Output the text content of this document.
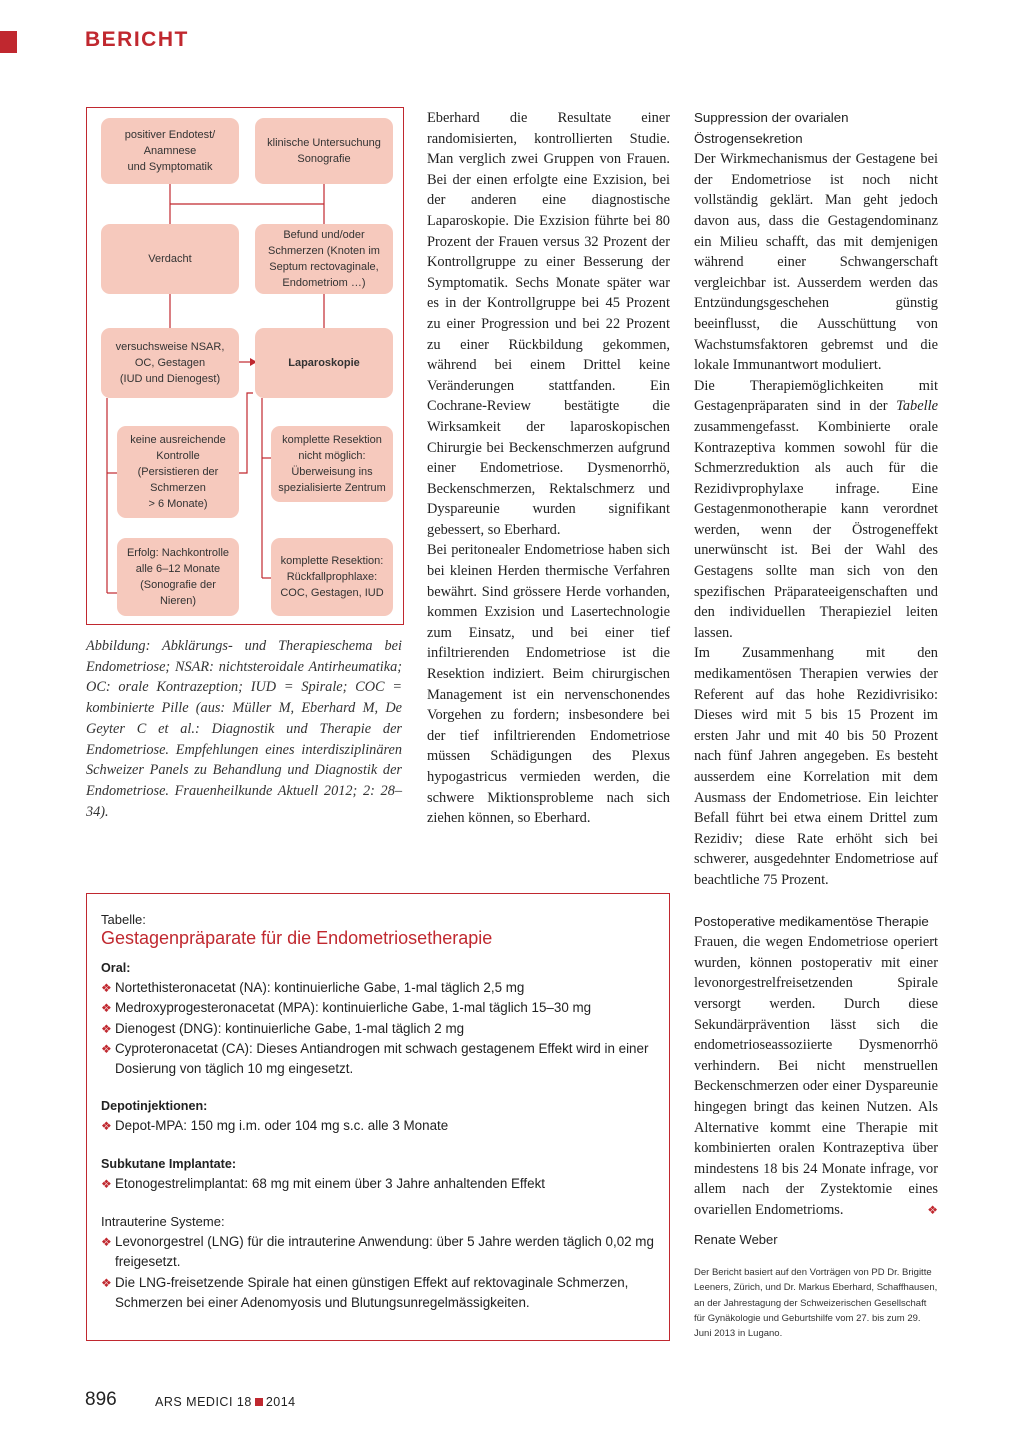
BERICHT
positiver Endotest/
Anamnese
und Symptomatik
klinische Untersuchung
Sonografie
Verdacht
Befund und/oder
Schmerzen (Knoten im
Septum rectovaginale,
Endometriom …)
versuchsweise NSAR,
OC, Gestagen
(IUD und Dienogest)
Laparoskopie
keine ausreichende
Kontrolle
(Persistieren der
Schmerzen
> 6 Monate)
komplette Resektion
nicht möglich:
Überweisung ins
spezialisierte Zentrum
Erfolg: Nachkontrolle
alle 6–12 Monate
(Sonografie der
Nieren)
komplette Resektion:
Rückfallprophlaxe:
COC, Gestagen, IUD
Abbildung: Abklärungs- und Therapieschema bei Endometriose; NSAR: nichtsteroidale Antirheumatika; OC: orale Kontrazeption; IUD = Spirale; COC = kombinierte Pille (aus: Müller M, Eberhard M, De Geyter C et al.: Diagnostik und Therapie der Endometriose. Empfehlungen eines interdisziplinären Schweizer Panels zu Behandlung und Diagnostik der Endometriose. Frauenheilkunde Aktuell 2012; 2: 28–34).

Eberhard die Resultate einer randomisierten, kontrollierten Studie. Man verglich zwei Gruppen von Frauen. Bei der einen erfolgte eine Exzision, bei der anderen eine diagnostische Laparoskopie. Die Exzision führte bei 80 Prozent der Frauen versus 32 Prozent der Kontrollgruppe zu einer Besserung der Symptomatik. Sechs Monate später war es in der Kontrollgruppe bei 45 Prozent zu einer Progression und bei 22 Prozent zu einer Rückbildung gekommen, während bei einem Drittel keine Veränderungen stattfanden. Ein Cochrane-Review bestätigte die Wirksamkeit der laparoskopischen Chirurgie bei Beckenschmerzen aufgrund einer Endometriose. Dysmenorrhö, Beckenschmerzen, Rektalschmerz und Dyspareunie wurden signifikant gebessert, so Eberhard.

Bei peritonealer Endometriose haben sich bei kleinen Herden thermische Verfahren bewährt. Sind grössere Herde vorhanden, kommen Exzision und Lasertechnologie zum Einsatz, und bei einer tief infiltrierenden Endometriose ist die Resektion indiziert. Beim chirurgischen Management ist ein nervenschonendes Vorgehen zu fordern; insbesondere bei der tief infiltrierenden Endometriose müssen Schädigungen des Plexus hypogastricus vermieden werden, die schwere Miktionsprobleme nach sich ziehen können, so Eberhard.

Suppression der ovarialen Östrogensekretion

Der Wirkmechanismus der Gestagene bei der Endometriose ist noch nicht vollständig geklärt. Man geht jedoch davon aus, dass die Gestagendominanz ein Milieu schafft, das mit demjenigen während einer Schwangerschaft vergleichbar ist. Ausserdem werden das Entzündungsgeschehen günstig beeinflusst, die Ausschüttung von Wachstumsfaktoren gebremst und die lokale Immunantwort moduliert.

Die Therapiemöglichkeiten mit Gestagenpräparaten sind in der Tabelle zusammengefasst. Kombinierte orale Kontrazeptiva kommen sowohl für die Schmerzreduktion als auch für die Rezidivprophylaxe infrage. Eine Gestagenmonotherapie kann verordnet werden, wenn der Östrogeneffekt unerwünscht ist. Bei der Wahl des Gestagens sollte man sich von den spezifischen Präparateeigenschaften und den individuellen Therapieziel leiten lassen.

Im Zusammenhang mit den medikamentösen Therapien verwies der Referent auf das hohe Rezidivrisiko: Dieses wird mit 5 bis 15 Prozent im ersten Jahr und mit 40 bis 50 Prozent nach fünf Jahren angegeben. Es besteht ausserdem eine Korrelation mit dem Ausmass der Endometriose. Ein leichter Befall führt bei etwa einem Drittel zum Rezidiv; diese Rate erhöht sich bei schwerer, ausgedehnter Endometriose auf beachtliche 75 Prozent.

Postoperative medikamentöse Therapie

Frauen, die wegen Endometriose operiert wurden, können postoperativ mit einer levonorgestrelfreisetzenden Spirale versorgt werden. Durch diese Sekundärprävention lässt sich die endometrioseassoziierte Dysmenorrhö verhindern. Bei nicht menstruellen Beckenschmerzen oder einer Dyspareunie hingegen bringt das keinen Nutzen. Als Alternative kommt eine Therapie mit kombinierten oralen Kontrazeptiva über mindestens 18 bis 24 Monate infrage, vor allem nach der Zystektomie eines ovariellen Endometrioms.	❖

Renate Weber
Der Bericht basiert auf den Vorträgen von PD Dr. Brigitte Leeners, Zürich, und Dr. Markus Eberhard, Schaffhausen, an der Jahrestagung der Schweizerischen Gesellschaft für Gynäkologie und Geburtshilfe vom 27. bis zum 29. Juni 2013 in Lugano.
Tabelle:
Gestagenpräparate für die Endometriosetherapie
Oral:
❖ Nortethisteronacetat (NA): kontinuierliche Gabe, 1-mal täglich 2,5 mg
❖ Medroxyprogesteronacetat (MPA): kontinuierliche Gabe, 1-mal täglich 15–30 mg
❖ Dienogest (DNG): kontinuierliche Gabe, 1-mal täglich 2 mg
❖ Cyproteronacetat (CA): Dieses Antiandrogen mit schwach gestagenem Effekt wird in einer Dosierung von täglich 10 mg eingesetzt.
Depotinjektionen:
❖ Depot-MPA: 150 mg i.m. oder 104 mg s.c. alle 3 Monate
Subkutane Implantate:
❖ Etonogestrelimplantat: 68 mg mit einem über 3 Jahre anhaltenden Effekt
Intrauterine Systeme:
❖ Levonorgestrel (LNG) für die intrauterine Anwendung: über 5 Jahre werden täglich 0,02 mg freigesetzt.
❖ Die LNG-freisetzende Spirale hat einen günstigen Effekt auf rektovaginale Schmerzen, Schmerzen bei einer Adenomyosis und Blutungsunregelmässigkeiten.
896	ARS MEDICI 18 2014
